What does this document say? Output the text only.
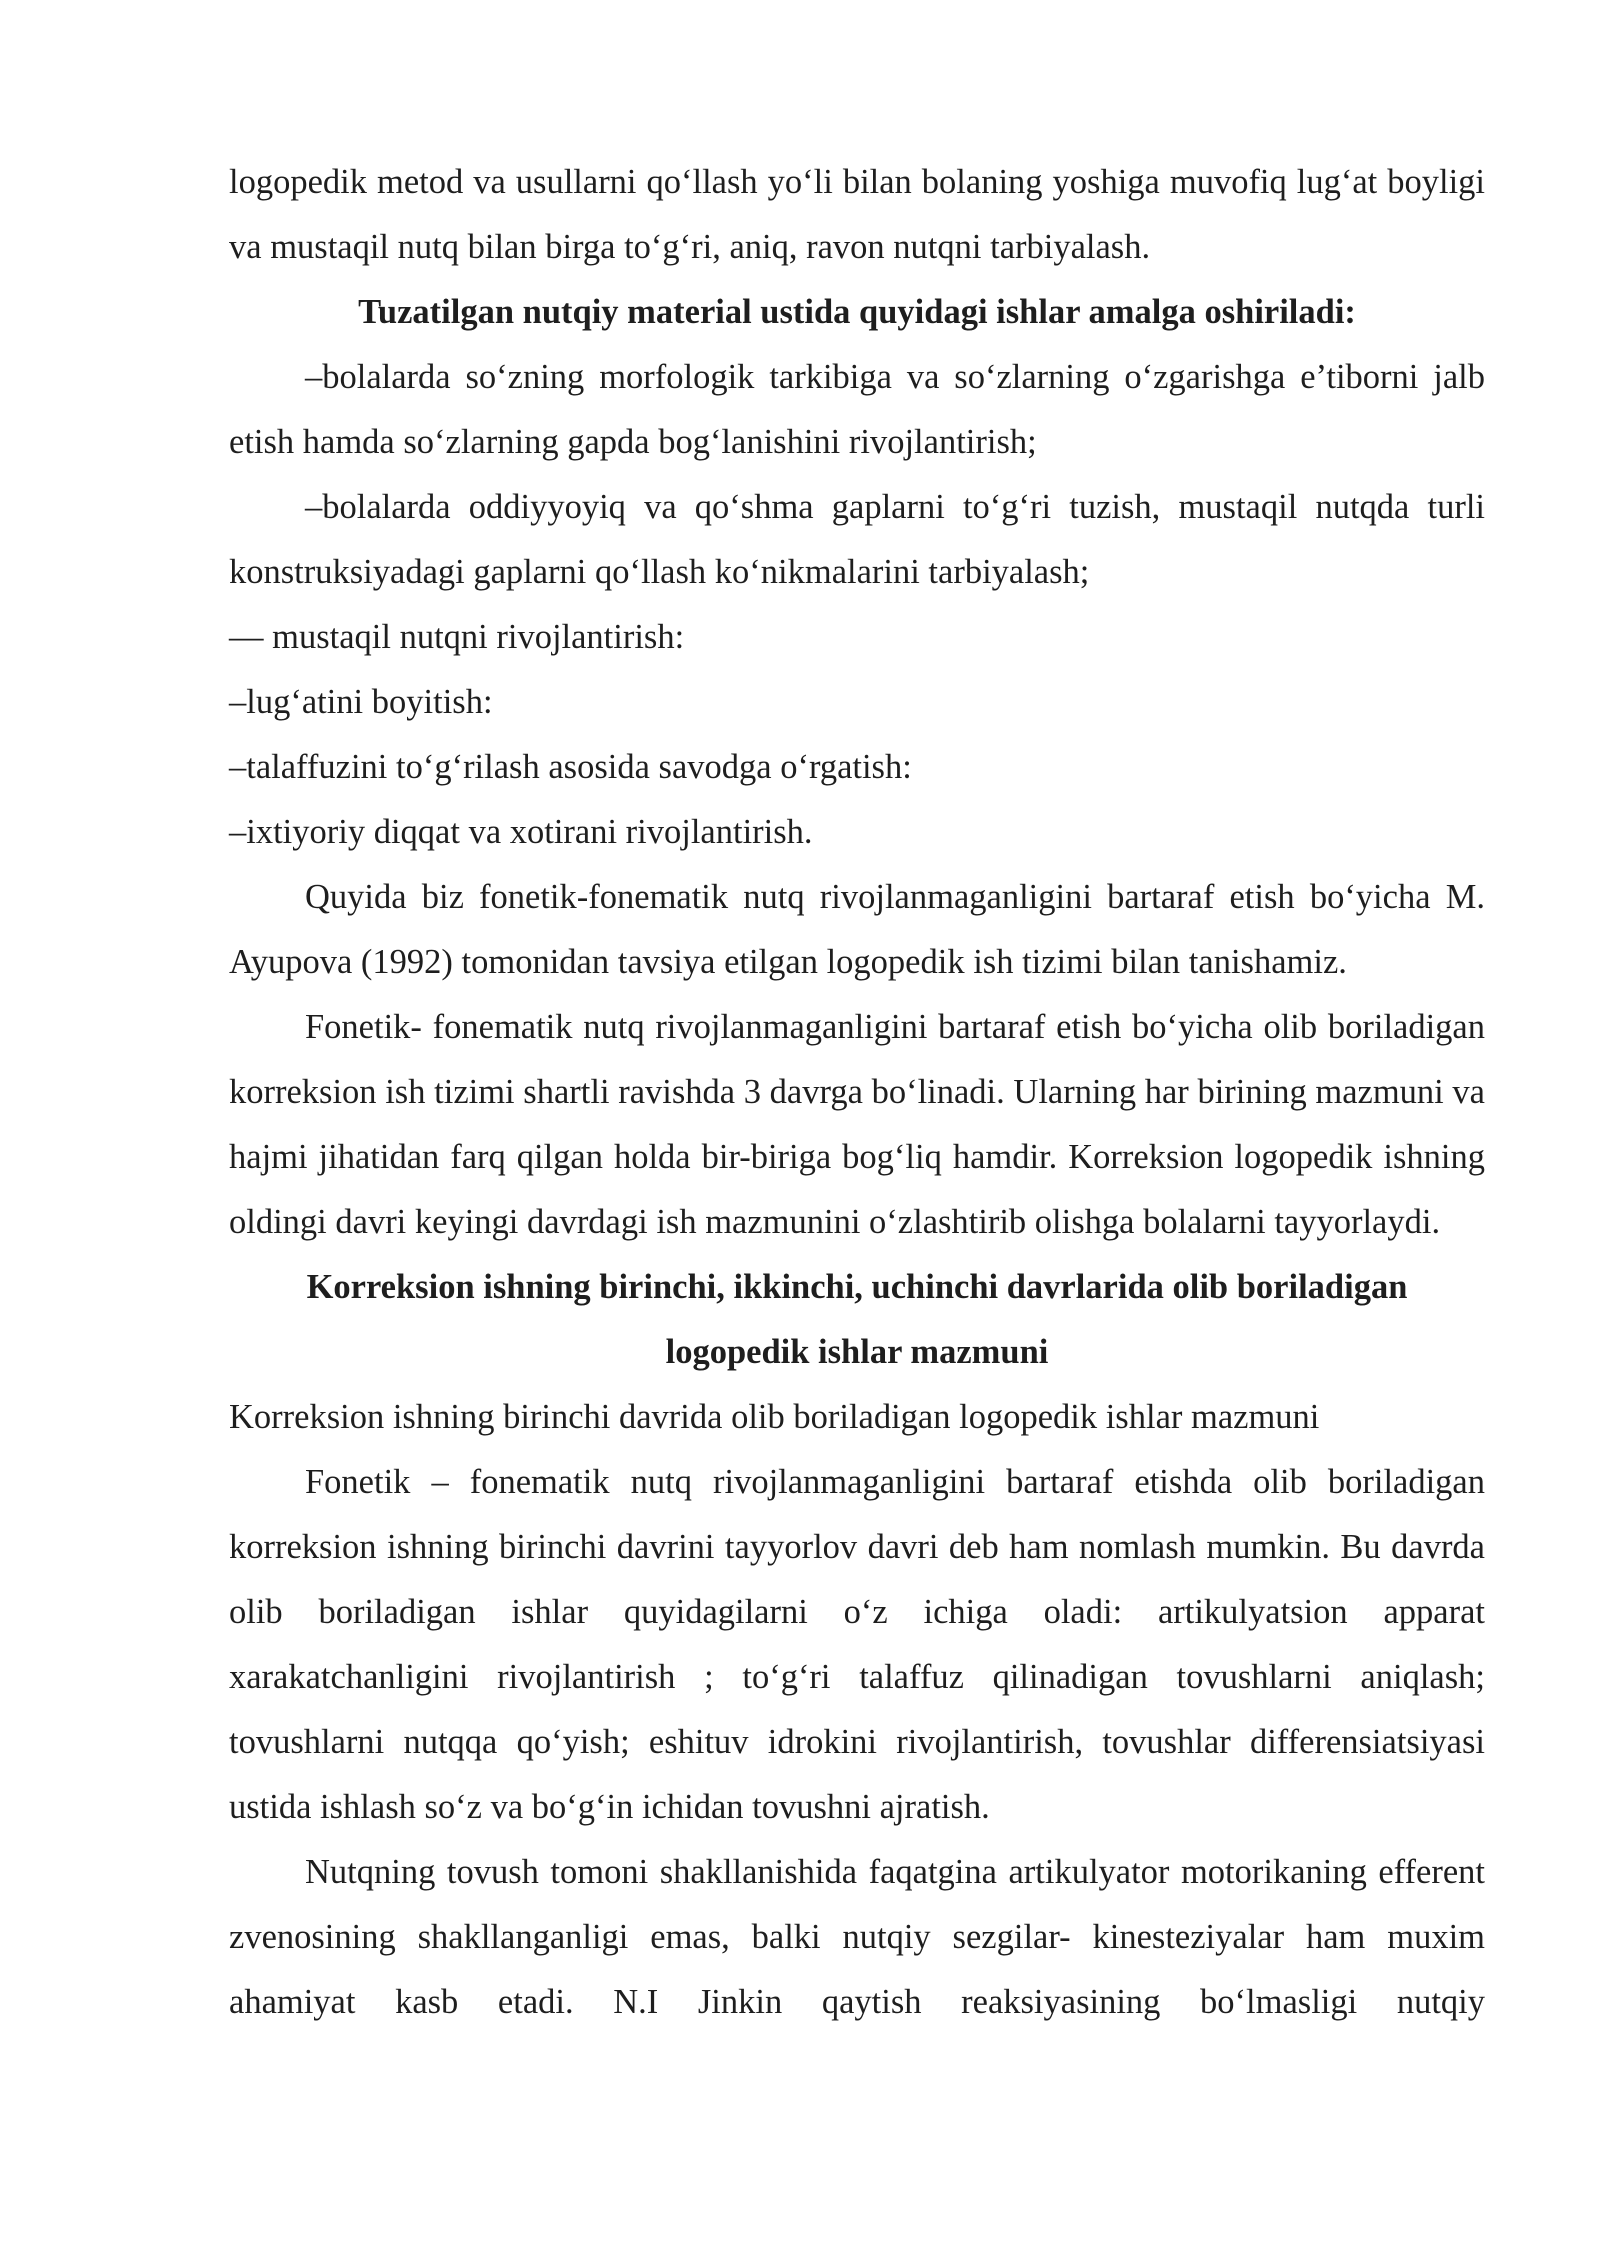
logopedik metod va usullarni qo‘llash yo‘li bilan bolaning yoshiga muvofiq lug‘at boyligi va mustaqil nutq bilan birga to‘g‘ri, aniq, ravon nutqni tarbiyalash.

Tuzatilgan nutqiy material ustida quyidagi ishlar amalga oshiriladi:

–bolalarda so‘zning morfologik tarkibiga va so‘zlarning o‘zgarishga e’tiborni jalb etish hamda so‘zlarning gapda bog‘lanishini rivojlantirish;

–bolalarda oddiyyoyiq va qo‘shma gaplarni to‘g‘ri tuzish, mustaqil nutqda turli konstruksiyadagi gaplarni qo‘llash ko‘nikmalarini tarbiyalash;

— mustaqil nutqni rivojlantirish:

–lug‘atini boyitish:

–talaffuzini to‘g‘rilash asosida savodga o‘rgatish:

–ixtiyoriy diqqat va xotirani rivojlantirish.

Quyida biz fonetik-fonematik nutq rivojlanmaganligini bartaraf etish bo‘yicha M. Ayupova (1992) tomonidan tavsiya etilgan logopedik ish tizimi bilan tanishamiz.

Fonetik- fonematik nutq rivojlanmaganligini bartaraf etish bo‘yicha olib boriladigan korreksion ish tizimi shartli ravishda 3 davrga bo‘linadi. Ularning har birining mazmuni va hajmi jihatidan farq qilgan holda bir-biriga bog‘liq hamdir. Korreksion logopedik ishning oldingi davri keyingi davrdagi ish mazmunini o‘zlashtirib olishga bolalarni tayyorlaydi.

Korreksion ishning birinchi, ikkinchi, uchinchi davrlarida olib boriladigan

logopedik ishlar mazmuni

Korreksion ishning birinchi davrida olib boriladigan logopedik ishlar mazmuni

Fonetik – fonematik nutq rivojlanmaganligini bartaraf etishda olib boriladigan korreksion ishning birinchi davrini tayyorlov davri deb ham nomlash mumkin. Bu davrda olib boriladigan ishlar quyidagilarni o‘z ichiga oladi: artikulyatsion apparat xarakatchanligini rivojlantirish ; to‘g‘ri talaffuz qilinadigan tovushlarni aniqlash; tovushlarni nutqqa qo‘yish; eshituv idrokini rivojlantirish, tovushlar differensiatsiyasi ustida ishlash so‘z va bo‘g‘in ichidan tovushni ajratish.

Nutqning tovush tomoni shakllanishida faqatgina artikulyator motorikaning efferent zvenosining shakllanganligi emas, balki nutqiy sezgilar- kinesteziyalar ham muxim ahamiyat kasb etadi. N.I Jinkin qaytish reaksiyasining bo‘lmasligi nutqiy
